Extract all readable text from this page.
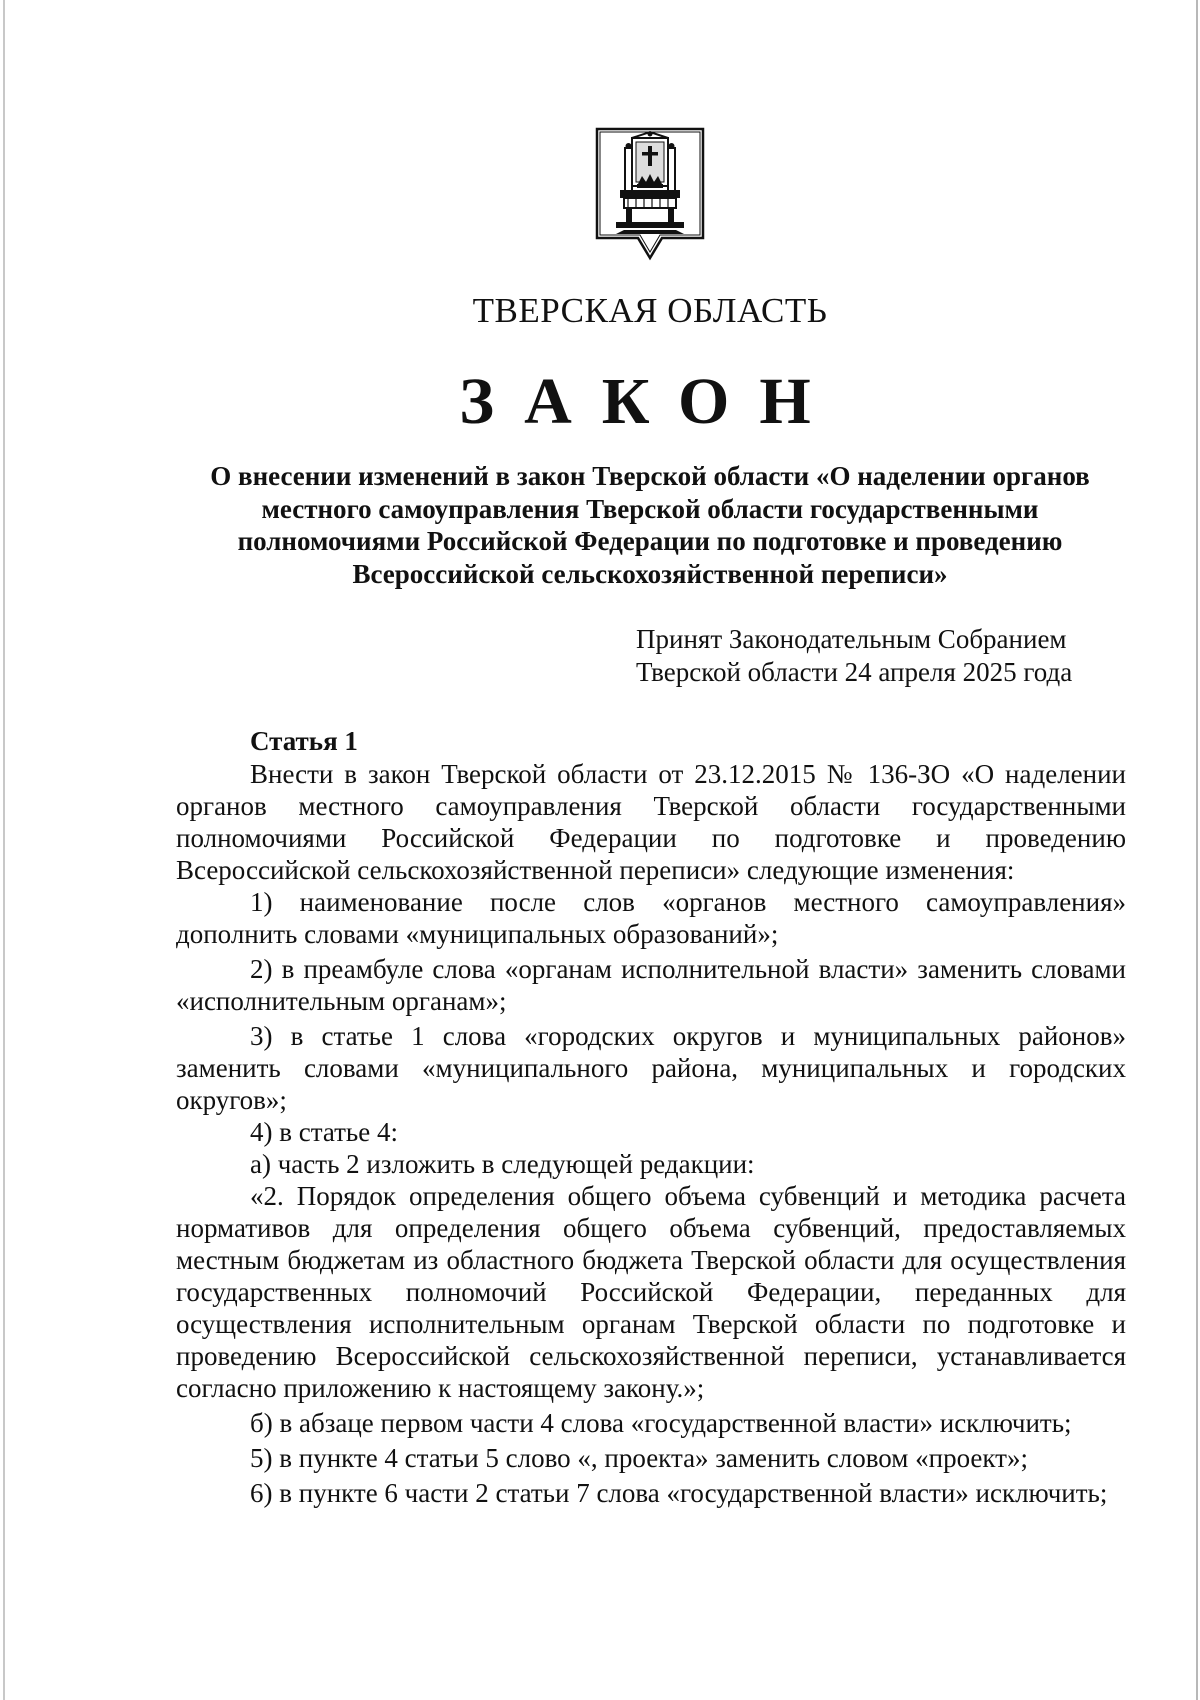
ТВЕРСКАЯ ОБЛАСТЬ
ЗАКОН
О внесении изменений в закон Тверской области «О наделении органов местного самоуправления Тверской области государственными полномочиями Российской Федерации по подготовке и проведению Всероссийской сельскохозяйственной переписи»
Принят Законодательным Собранием
Тверской области 24 апреля 2025 года
Статья 1

Внести в закон Тверской области от 23.12.2015 № 136-ЗО «О наделении органов местного самоуправления Тверской области государственными полномочиями Российской Федерации по подготовке и проведению Всероссийской сельскохозяйственной переписи» следующие изменения:

1) наименование после слов «органов местного самоуправления» дополнить словами «муниципальных образований»;

2) в преамбуле слова «органам исполнительной власти» заменить словами «исполнительным органам»;

3) в статье 1 слова «городских округов и муниципальных районов» заменить словами «муниципального района, муниципальных и городских округов»;

4) в статье 4:

а) часть 2 изложить в следующей редакции:

«2. Порядок определения общего объема субвенций и методика расчета нормативов для определения общего объема субвенций, предоставляемых местным бюджетам из областного бюджета Тверской области для осуществления государственных полномочий Российской Федерации, переданных для осуществления исполнительным органам Тверской области по подготовке и проведению Всероссийской сельскохозяйственной переписи, устанавливается согласно приложению к настоящему закону.»;

б) в абзаце первом части 4 слова «государственной власти» исключить;

5) в пункте 4 статьи 5 слово «, проекта» заменить словом «проект»;

6) в пункте 6 части 2 статьи 7 слова «государственной власти» исключить;
